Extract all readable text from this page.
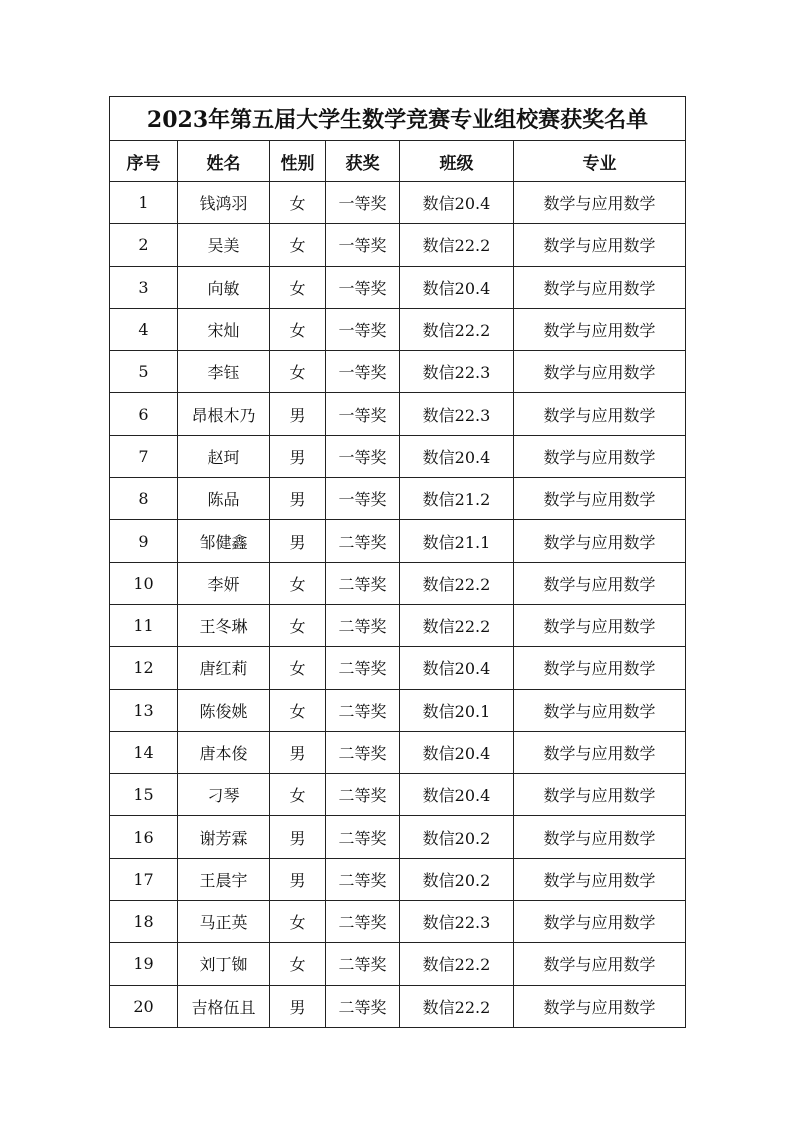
2023年第五届大学生数学竞赛专业组校赛获奖名单					
序号	姓名	性别	获奖	班级	专业
1	钱鸿羽	女	一等奖	数信20.4	数学与应用数学
2	吴美	女	一等奖	数信22.2	数学与应用数学
3	向敏	女	一等奖	数信20.4	数学与应用数学
4	宋灿	女	一等奖	数信22.2	数学与应用数学
5	李钰	女	一等奖	数信22.3	数学与应用数学
6	昂根木乃	男	一等奖	数信22.3	数学与应用数学
7	赵珂	男	一等奖	数信20.4	数学与应用数学
8	陈品	男	一等奖	数信21.2	数学与应用数学
9	邹健鑫	男	二等奖	数信21.1	数学与应用数学
10	李妍	女	二等奖	数信22.2	数学与应用数学
11	王冬琳	女	二等奖	数信22.2	数学与应用数学
12	唐红莉	女	二等奖	数信20.4	数学与应用数学
13	陈俊姚	女	二等奖	数信20.1	数学与应用数学
14	唐本俊	男	二等奖	数信20.4	数学与应用数学
15	刁琴	女	二等奖	数信20.4	数学与应用数学
16	谢芳霖	男	二等奖	数信20.2	数学与应用数学
17	王晨宇	男	二等奖	数信20.2	数学与应用数学
18	马正英	女	二等奖	数信22.3	数学与应用数学
19	刘丁铷	女	二等奖	数信22.2	数学与应用数学
20	吉格伍且	男	二等奖	数信22.2	数学与应用数学
